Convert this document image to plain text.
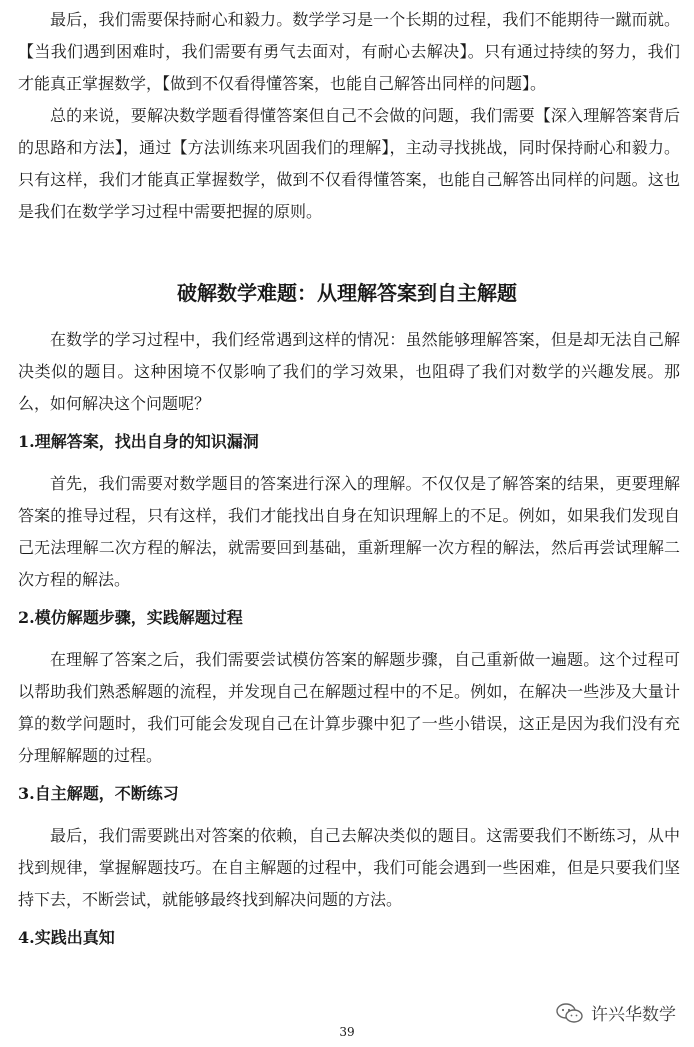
最后，我们需要保持耐心和毅力。数学学习是一个长期的过程，我们不能期待一蹴而就。【当我们遇到困难时，我们需要有勇气去面对，有耐心去解决】。只有通过持续的努力，我们才能真正掌握数学，【做到不仅看得懂答案，也能自己解答出同样的问题】。

总的来说，要解决数学题看得懂答案但自己不会做的问题，我们需要【深入理解答案背后的思路和方法】，通过【方法训练来巩固我们的理解】，主动寻找挑战，同时保持耐心和毅力。只有这样，我们才能真正掌握数学，做到不仅看得懂答案，也能自己解答出同样的问题。这也是我们在数学学习过程中需要把握的原则。

破解数学难题：从理解答案到自主解题

在数学的学习过程中，我们经常遇到这样的情况：虽然能够理解答案，但是却无法自己解决类似的题目。这种困境不仅影响了我们的学习效果，也阻碍了我们对数学的兴趣发展。那么，如何解决这个问题呢？

1.理解答案，找出自身的知识漏洞

首先，我们需要对数学题目的答案进行深入的理解。不仅仅是了解答案的结果，更要理解答案的推导过程，只有这样，我们才能找出自身在知识理解上的不足。例如，如果我们发现自己无法理解二次方程的解法，就需要回到基础，重新理解一次方程的解法，然后再尝试理解二次方程的解法。

2.模仿解题步骤，实践解题过程

在理解了答案之后，我们需要尝试模仿答案的解题步骤，自己重新做一遍题。这个过程可以帮助我们熟悉解题的流程，并发现自己在解题过程中的不足。例如，在解决一些涉及大量计算的数学问题时，我们可能会发现自己在计算步骤中犯了一些小错误，这正是因为我们没有充分理解解题的过程。

3.自主解题，不断练习

最后，我们需要跳出对答案的依赖，自己去解决类似的题目。这需要我们不断练习，从中找到规律，掌握解题技巧。在自主解题的过程中，我们可能会遇到一些困难，但是只要我们坚持下去，不断尝试，就能够最终找到解决问题的方法。

4.实践出真知
许兴华数学
39
